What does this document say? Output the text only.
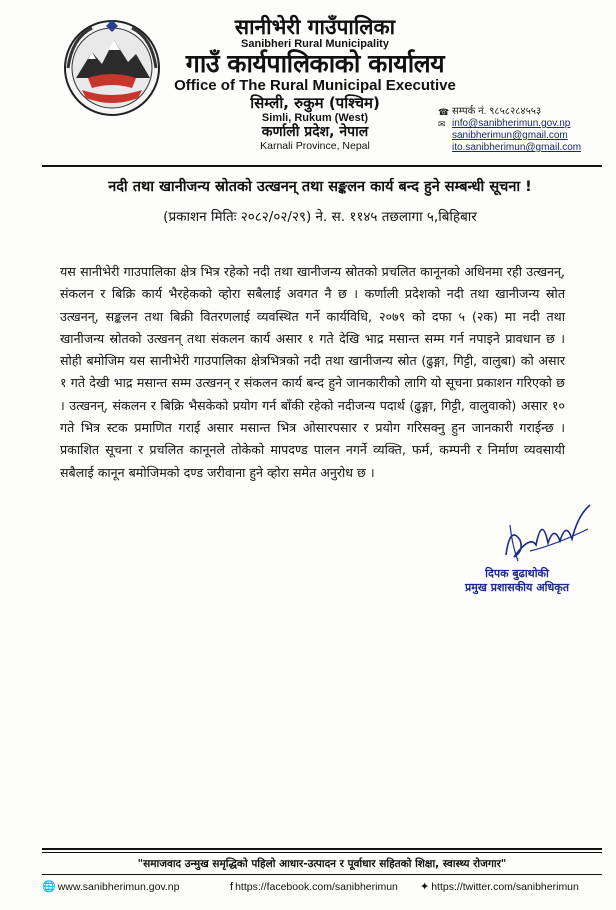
सानीभेरी गाउँपालिका
Sanibheri Rural Municipality
गाउँ कार्यपालिकाको कार्यालय
Office of The Rural Municipal Executive
सिम्ली, रुकुम (पश्चिम)
Simli, Rukum (West)
कर्णाली प्रदेश, नेपाल
Karnali Province, Nepal
☎ सम्पर्क नं.
९८५८२८४५५३
✉ info@sanibherimun.gov.np
sanibherimun@gmail.com
ito.sanibherimun@gmail.com
नदी तथा खानीजन्य स्रोतको उत्खनन् तथा सङ्कलन कार्य बन्द हुने सम्बन्धी सूचना !
(प्रकाशन मितिः २०८२/०२/२९) ने. स. ११४५ तछलागा ५,बिहिबार

यस सानीभेरी गाउपालिका क्षेत्र भित्र रहेको नदी तथा खानीजन्य स्रोतको प्रचलित कानूनको अधिनमा रही उत्खनन्, संकलन र बिक्रि कार्य भैरहेकको व्होरा सबैलाई अवगत नै छ । कर्णाली प्रदेशको नदी तथा खानीजन्य स्रोत उत्खनन्, सङ्कलन तथा बिक्री वितरणलाई व्यवस्थित गर्ने कार्यविधि, २०७९ को दफा ५ (२क) मा नदी तथा खानीजन्य स्रोतको उत्खनन् तथा संकलन कार्य असार १ गते देखि भाद्र मसान्त सम्म गर्न नपाइने प्रावधान छ । सोही बमोजिम यस सानीभेरी गाउपालिका क्षेत्रभित्रको नदी तथा खानीजन्य स्रोत (ढुङ्गा, गिट्टी, वालुबा) को असार १ गते देखी भाद्र मसान्त सम्म उत्खनन् र संकलन कार्य बन्द हुने जानकारीको लागि यो सूचना प्रकाशन गरिएको छ । उत्खनन्, संकलन र बिक्रि भैसकेको प्रयोग गर्न बाँकी रहेको नदीजन्य पदार्थ (ढुङ्गा, गिट्टी, वालुवाको) असार १० गते भित्र स्टक प्रमाणित गराई असार मसान्त भित्र ओसारपसार र प्रयोग गरिसक्नु हुन जानकारी गराईन्छ । प्रकाशित सूचना र प्रचलित कानूनले तोकेको मापदण्ड पालन नगर्ने व्यक्ति, फर्म, कम्पनी र निर्माण व्यवसायी सबैलाई कानून बमोजिमको दण्ड जरीवाना हुने व्होरा समेत अनुरोध छ ।

दिपक बुढाथोकी
प्रमुख प्रशासकीय अधिकृत
"समाजवाद उन्मुख समृद्धिको पहिलो आधार-उत्पादन र पूर्वाधार सहितको शिक्षा, स्वास्थ्य रोजगार"
🌐 www.sanibherimun.gov.np	f https://facebook.com/sanibherimun ✦ https://twitter.com/sanibherimun
